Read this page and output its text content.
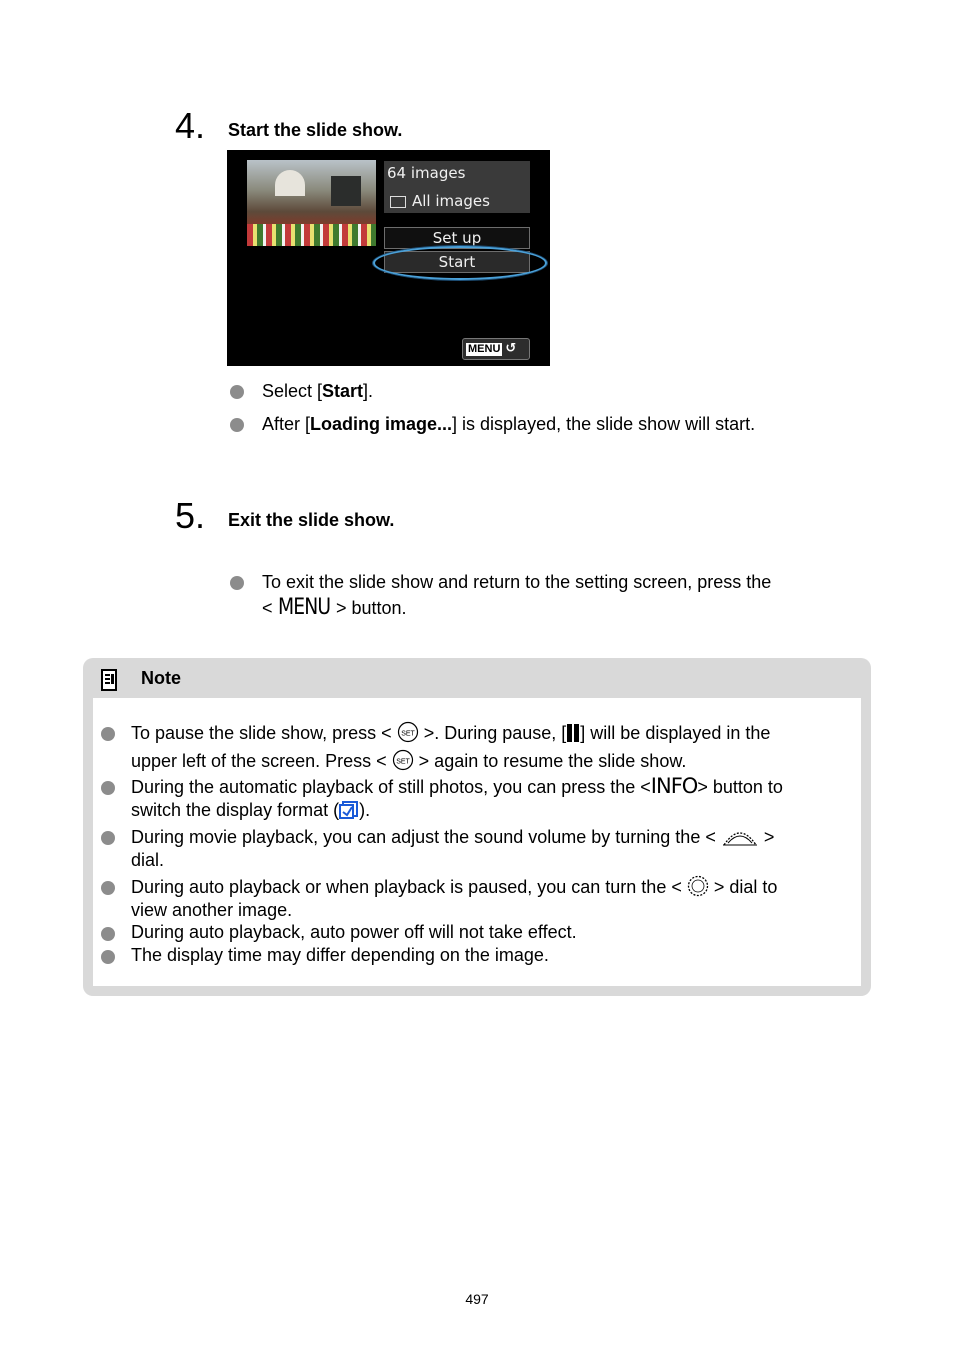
4. Start the slide show.
64 images
All images
Set up
Start
MENU ↺
Select [Start].
After [Loading image...] is displayed, the slide show will start.
5. Exit the slide show.
To exit the slide show and return to the setting screen, press the
< MENU > button.
Note
To pause the slide show, press < SET >. During pause, [ ] will be displayed in the
upper left of the screen. Press < SET > again to resume the slide show.
During the automatic playback of still photos, you can press the <INFO> button to
switch the display format ( ).
During movie playback, you can adjust the sound volume by turning the <	>
dial.
During auto playback or when playback is paused, you can turn the < > dial to
view another image.
During auto playback, auto power off will not take effect.
The display time may differ depending on the image.
497
